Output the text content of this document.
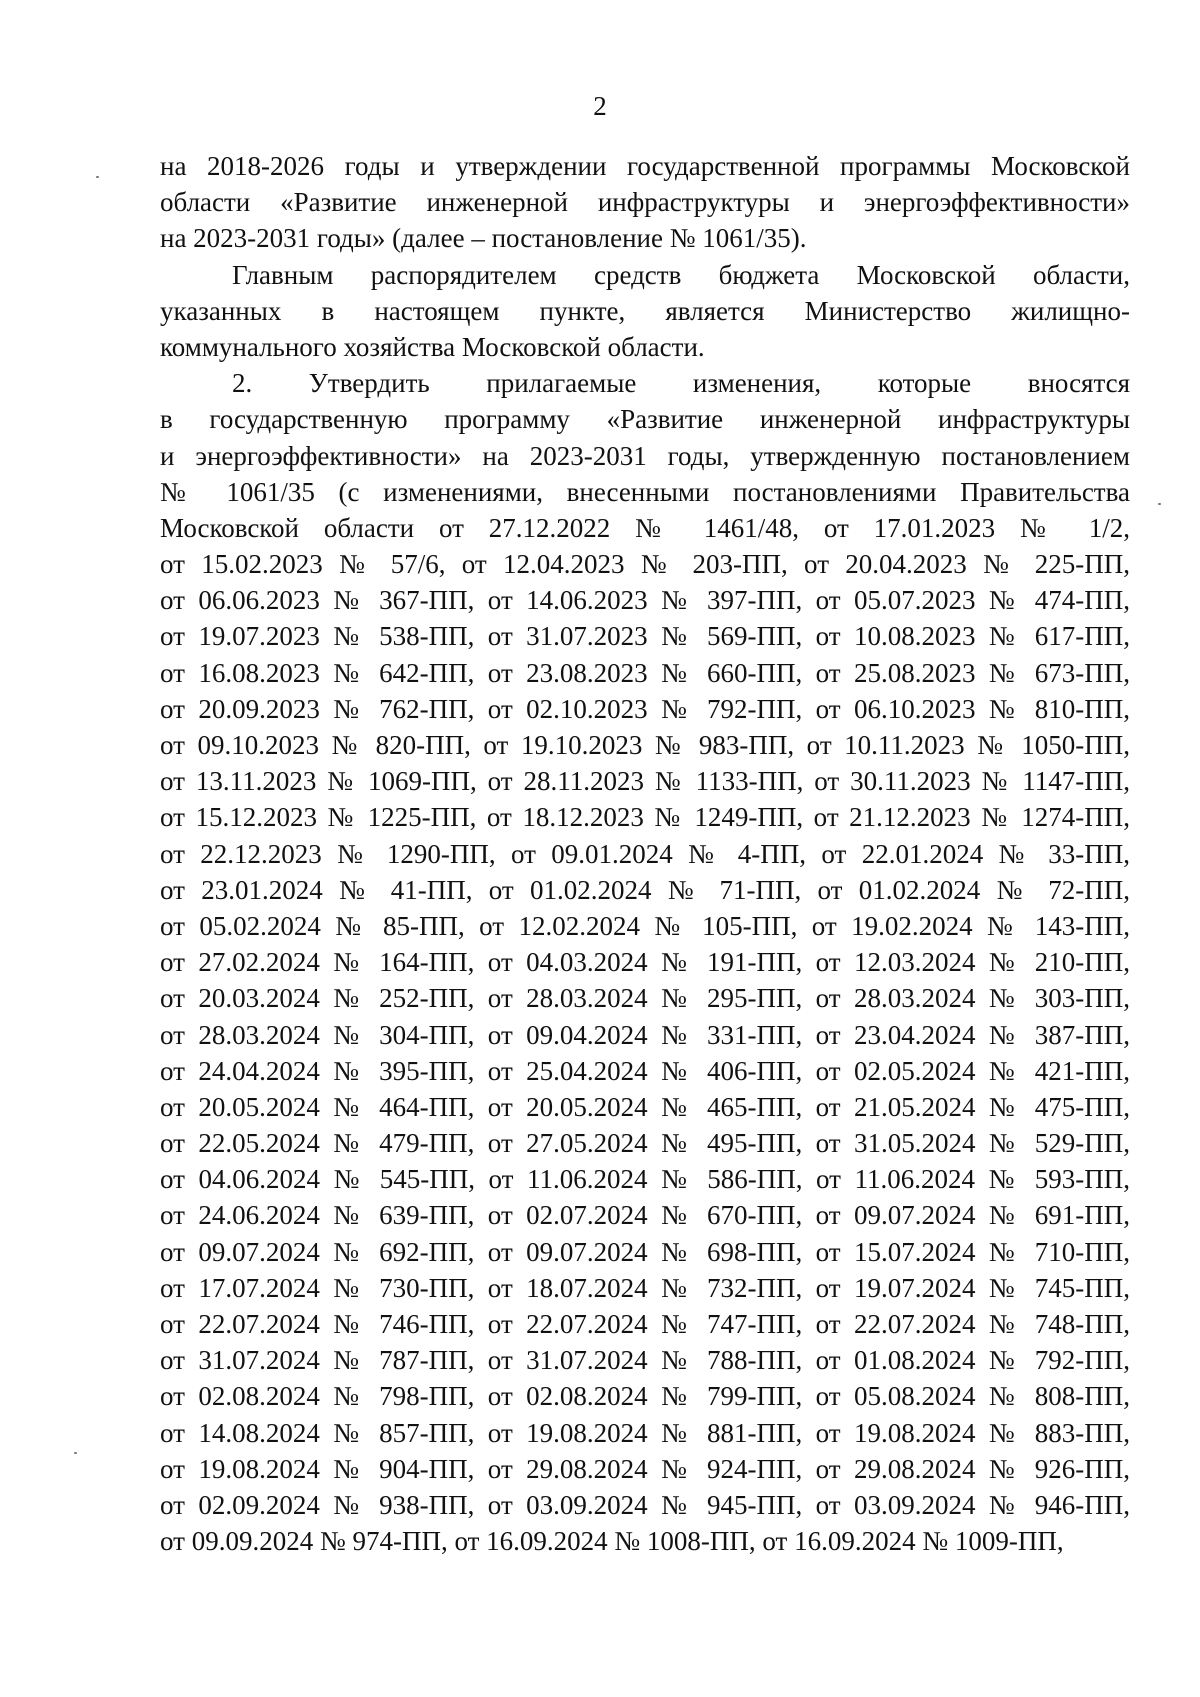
2
на 2018-2026 годы и утверждении государственной программы Московской
области «Развитие инженерной инфраструктуры и энергоэффективности»
на 2023-2031 годы» (далее – постановление № 1061/35).
Главным распорядителем средств бюджета Московской области,
указанных в настоящем пункте, является Министерство жилищно-
коммунального хозяйства Московской области.
2. Утвердить прилагаемые изменения, которые вносятся
в государственную программу «Развитие инженерной инфраструктуры
и энергоэффективности» на 2023-2031 годы, утвержденную постановлением
№ 1061/35 (с изменениями, внесенными постановлениями Правительства
Московской области от 27.12.2022 № 1461/48, от 17.01.2023 № 1/2,
от 15.02.2023 № 57/6, от 12.04.2023 № 203-ПП, от 20.04.2023 № 225-ПП,
от 06.06.2023 № 367-ПП, от 14.06.2023 № 397-ПП, от 05.07.2023 № 474-ПП,
от 19.07.2023 № 538-ПП, от 31.07.2023 № 569-ПП, от 10.08.2023 № 617-ПП,
от 16.08.2023 № 642-ПП, от 23.08.2023 № 660-ПП, от 25.08.2023 № 673-ПП,
от 20.09.2023 № 762-ПП, от 02.10.2023 № 792-ПП, от 06.10.2023 № 810-ПП,
от 09.10.2023 № 820-ПП, от 19.10.2023 № 983-ПП, от 10.11.2023 № 1050-ПП,
от 13.11.2023 № 1069-ПП, от 28.11.2023 № 1133-ПП, от 30.11.2023 № 1147-ПП,
от 15.12.2023 № 1225-ПП, от 18.12.2023 № 1249-ПП, от 21.12.2023 № 1274-ПП,
от 22.12.2023 № 1290-ПП, от 09.01.2024 № 4-ПП, от 22.01.2024 № 33-ПП,
от 23.01.2024 № 41-ПП, от 01.02.2024 № 71-ПП, от 01.02.2024 № 72-ПП,
от 05.02.2024 № 85-ПП, от 12.02.2024 № 105-ПП, от 19.02.2024 № 143-ПП,
от 27.02.2024 № 164-ПП, от 04.03.2024 № 191-ПП, от 12.03.2024 № 210-ПП,
от 20.03.2024 № 252-ПП, от 28.03.2024 № 295-ПП, от 28.03.2024 № 303-ПП,
от 28.03.2024 № 304-ПП, от 09.04.2024 № 331-ПП, от 23.04.2024 № 387-ПП,
от 24.04.2024 № 395-ПП, от 25.04.2024 № 406-ПП, от 02.05.2024 № 421-ПП,
от 20.05.2024 № 464-ПП, от 20.05.2024 № 465-ПП, от 21.05.2024 № 475-ПП,
от 22.05.2024 № 479-ПП, от 27.05.2024 № 495-ПП, от 31.05.2024 № 529-ПП,
от 04.06.2024 № 545-ПП, от 11.06.2024 № 586-ПП, от 11.06.2024 № 593-ПП,
от 24.06.2024 № 639-ПП, от 02.07.2024 № 670-ПП, от 09.07.2024 № 691-ПП,
от 09.07.2024 № 692-ПП, от 09.07.2024 № 698-ПП, от 15.07.2024 № 710-ПП,
от 17.07.2024 № 730-ПП, от 18.07.2024 № 732-ПП, от 19.07.2024 № 745-ПП,
от 22.07.2024 № 746-ПП, от 22.07.2024 № 747-ПП, от 22.07.2024 № 748-ПП,
от 31.07.2024 № 787-ПП, от 31.07.2024 № 788-ПП, от 01.08.2024 № 792-ПП,
от 02.08.2024 № 798-ПП, от 02.08.2024 № 799-ПП, от 05.08.2024 № 808-ПП,
от 14.08.2024 № 857-ПП, от 19.08.2024 № 881-ПП, от 19.08.2024 № 883-ПП,
от 19.08.2024 № 904-ПП, от 29.08.2024 № 924-ПП, от 29.08.2024 № 926-ПП,
от 02.09.2024 № 938-ПП, от 03.09.2024 № 945-ПП, от 03.09.2024 № 946-ПП,
от 09.09.2024 № 974-ПП, от 16.09.2024 № 1008-ПП, от 16.09.2024 № 1009-ПП,
